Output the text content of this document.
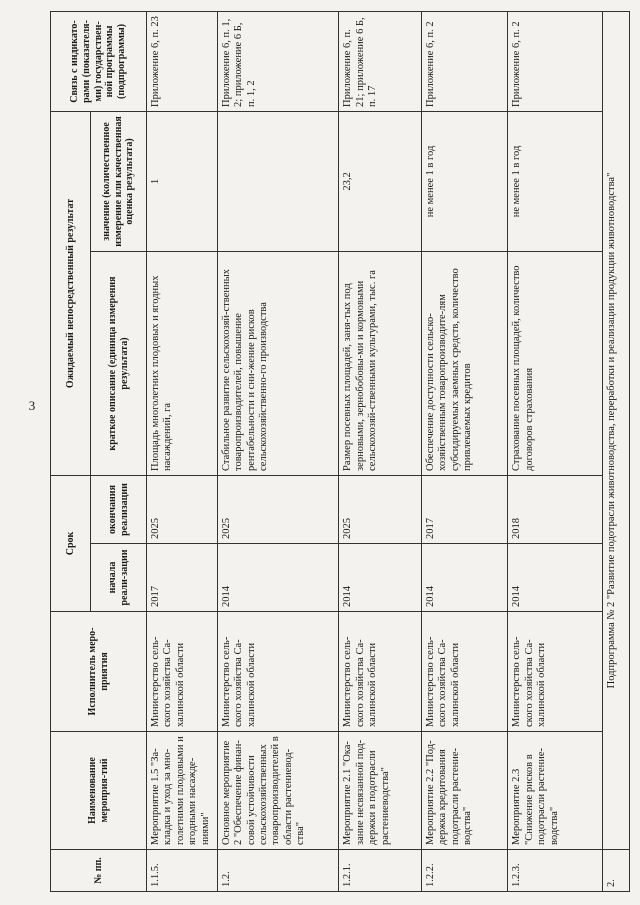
3
№ пп.	Наименование мероприя-тий	Исполнитель меро-приятия	Срок		Ожидаемый непосредственный результат		Связь с индикато-рами (показателя-ми) государствен-ной программы (подпрограммы)
			начала реали-зации	окончания реализации	краткое описание (единица измерения результата)	значение (количественное измерение или качественная оценка результата)	
1.1.5.	Мероприятие 1.5 "За-кладка и уход за мно-голетними плодовыми и ягодными насажде-ниями"	Министерство сель-ского хозяйства Са-халинской области	2017	2025	Площадь многолетних плодовых и ягодных насаждений, га	1	Приложение 6, п. 23
1.2.	Основное мероприятие 2 "Обеспечение финан-совой устойчивости сельскохозяйственных товаропроизводителей в области растениевод-ства"	Министерство сель-ского хозяйства Са-халинской области	2014	2025	Стабильное развитие сельскохозяй-ственных товаропроизводителей, повышение рентабельности и сни-жение рисков сельскохозяйственно-го производства		Приложение 6, п. 1, 2; приложение 6 Б, п. 1, 2
1.2.1.	Мероприятие 2.1 "Ока-зание несвязанной под-держки в подотрасли растениеводства"	Министерство сель-ского хозяйства Са-халинской области	2014	2025	Размер посевных площадей, заня-тых под зерновыми, зернобобовы-ми и кормовыми сельскохозяй-ственными культурами, тыс. га	23,2	Приложение 6, п. 21; приложение 6 Б, п. 17
1.2.2.	Мероприятие 2.2 "Под-держка кредитования подотрасли растение-водства"	Министерство сель-ского хозяйства Са-халинской области	2014	2017	Обеспечение доступности сельско-хозяйственным товаропроизводите-лям субсидируемых заемных средств, количество привлекаемых кредитов	не менее 1 в год	Приложение 6, п. 2
1.2.3.	Мероприятие 2.3 "Снижение рисков в подотрасли растение-водства"	Министерство сель-ского хозяйства Са-халинской области	2014	2018	Страхование посевных площадей, количество договоров страхования	не менее 1 в год	Приложение 6, п. 2
2.	Подпрограмма № 2 "Развитие подотрасли животноводства, переработки и реализации продукции животноводства"						
